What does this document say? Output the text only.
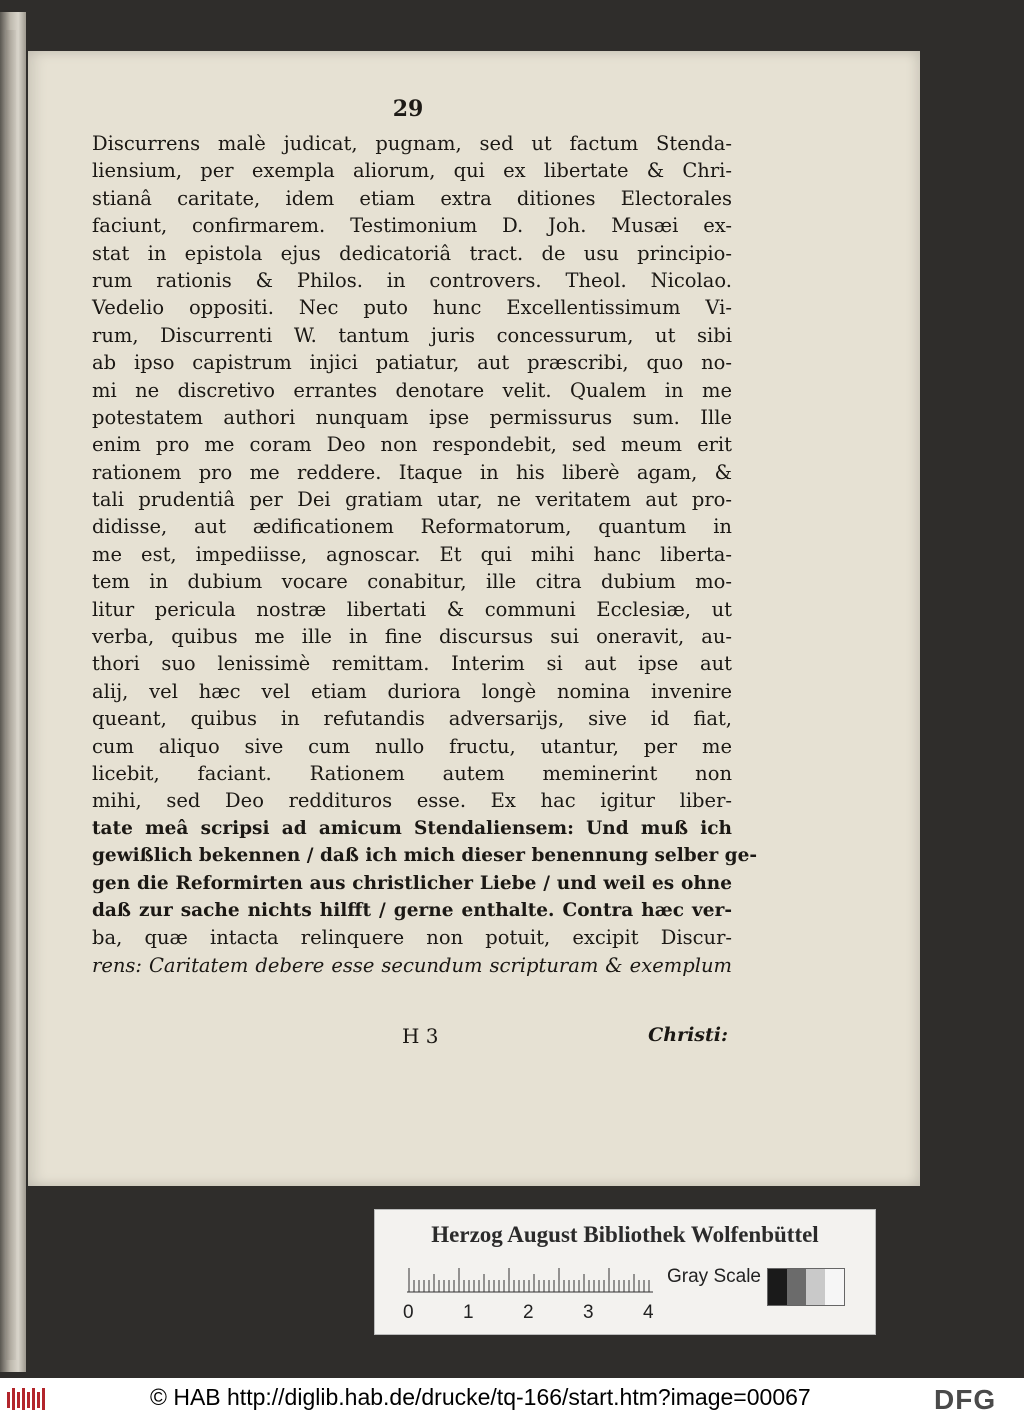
29
Discurrens malè judicat, pugnam, sed ut factum Stenda-
liensium, per exempla aliorum, qui ex libertate & Chri-
stianâ caritate, idem etiam extra ditiones Electorales
faciunt, confirmarem. Testimonium D. Joh. Musæi ex-
stat in epistola ejus dedicatoriâ tract. de usu principio-
rum rationis & Philos. in controvers. Theol. Nicolao.
Vedelio oppositi. Nec puto hunc Excellentissimum Vi-
rum, Discurrenti W. tantum juris concessurum, ut sibi
ab ipso capistrum injici patiatur, aut præscribi, quo no-
mi ne discretivo errantes denotare velit. Qualem in me
potestatem authori nunquam ipse permissurus sum. Ille
enim pro me coram Deo non respondebit, sed meum erit
rationem pro me reddere. Itaque in his liberè agam, &
tali prudentiâ per Dei gratiam utar, ne veritatem aut pro-
didisse, aut ædificationem Reformatorum, quantum in
me est, impediisse, agnoscar. Et qui mihi hanc liberta-
tem in dubium vocare conabitur, ille citra dubium mo-
litur pericula nostræ libertati & communi Ecclesiæ, ut
verba, quibus me ille in fine discursus sui oneravit, au-
thori suo lenissimè remittam. Interim si aut ipse aut
alij, vel hæc vel etiam duriora longè nomina invenire
queant, quibus in refutandis adversarijs, sive id fiat,
cum aliquo sive cum nullo fructu, utantur, per me
licebit, faciant. Rationem autem meminerint non
mihi, sed Deo reddituros esse. Ex hac igitur liber-
tate meâ scripsi ad amicum Stendaliensem: Und muß ich
gewißlich bekennen / daß ich mich dieser benennung selber ge-
gen die Reformirten aus christlicher Liebe / und weil es ohne
daß zur sache nichts hilfft / gerne enthalte. Contra hæc ver-
ba, quæ intacta relinquere non potuit, excipit Discur-
rens: Caritatem debere esse secundum scripturam & exemplum
H 3	Christi:
Herzog August Bibliothek Wolfenbüttel
0	1	2	3	4
Gray Scale
© HAB http://diglib.hab.de/drucke/tq-166/start.htm?image=00067	DFG
